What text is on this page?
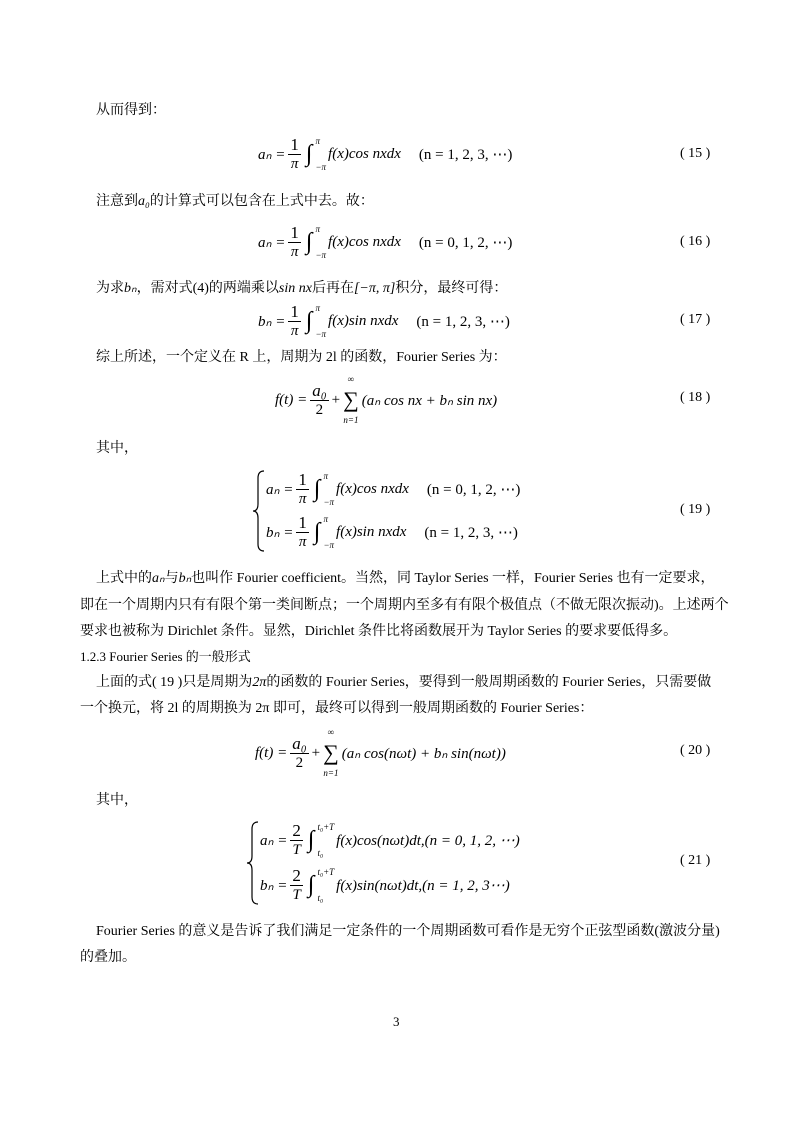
从而得到：
$a_n = \frac{1}{\pi}$ ∫ π
−π
f(x)cos nxdx (n = 1, 2, 3, ⋯)	( 15 )
注意到a₀的计算式可以包含在上式中去。故：
$a_n = \frac{1}{\pi}$ ∫ π
−π
f(x)cos nxdx (n = 0, 1, 2, ⋯)	( 16 )
为求bₙ，需对式(4)的两端乘以sin nx后再在[−π, π]积分，最终可得：
$b_n = \frac{1}{\pi}$ ∫ π
−π
f(x)sin nxdx (n = 1, 2, 3, ⋯)	( 17 )
综上所述，一个定义在 R 上，周期为 2l 的函数，Fourier Series 为：
$f(t) = \frac{\text{a₀}}{2}$ +
∞
∑
n=1
(aₙ cos nx + bₙ sin nx)	( 18 )
其中，
$a_n = \frac{1}{\pi}$ ∫ π
−π
f(x)cos nxdx (n = 0, 1, 2, ⋯)
$b_n = \frac{1}{\pi}$ ∫ π
−π
f(x)sin nxdx (n = 1, 2, 3, ⋯)
( 19 )
上式中的aₙ与bₙ也叫作 Fourier coefficient。当然，同 Taylor Series 一样，Fourier Series 也有一定要求，
即在一个周期内只有有限个第一类间断点；一个周期内至多有有限个极值点（不做无限次振动)。上述两个
要求也被称为 Dirichlet 条件。显然，Dirichlet 条件比将函数展开为 Taylor Series 的要求要低得多。
1.2.3 Fourier Series 的一般形式
上面的式( 19 )只是周期为2π的函数的 Fourier Series，要得到一般周期函数的 Fourier Series，只需要做
一个换元，将 2l 的周期换为 2π 即可，最终可以得到一般周期函数的 Fourier Series：
$f(t) = \frac{\text{a₀}}{2}$ +
∞
∑
n=1
(aₙ cos(nωt) + bₙ sin(nωt))	( 20 )
其中，
$a_n = \frac{2}{T}$ ∫ t₀+T
t₀
f(x)cos(nωt)dt,(n = 0, 1, 2, ⋯)
$b_n = \frac{2}{T}$ ∫ t₀+T
t₀
f(x)sin(nωt)dt,(n = 1, 2, 3⋯)
( 21 )
Fourier Series 的意义是告诉了我们满足一定条件的一个周期函数可看作是无穷个正弦型函数(激波分量)
的叠加。
3
